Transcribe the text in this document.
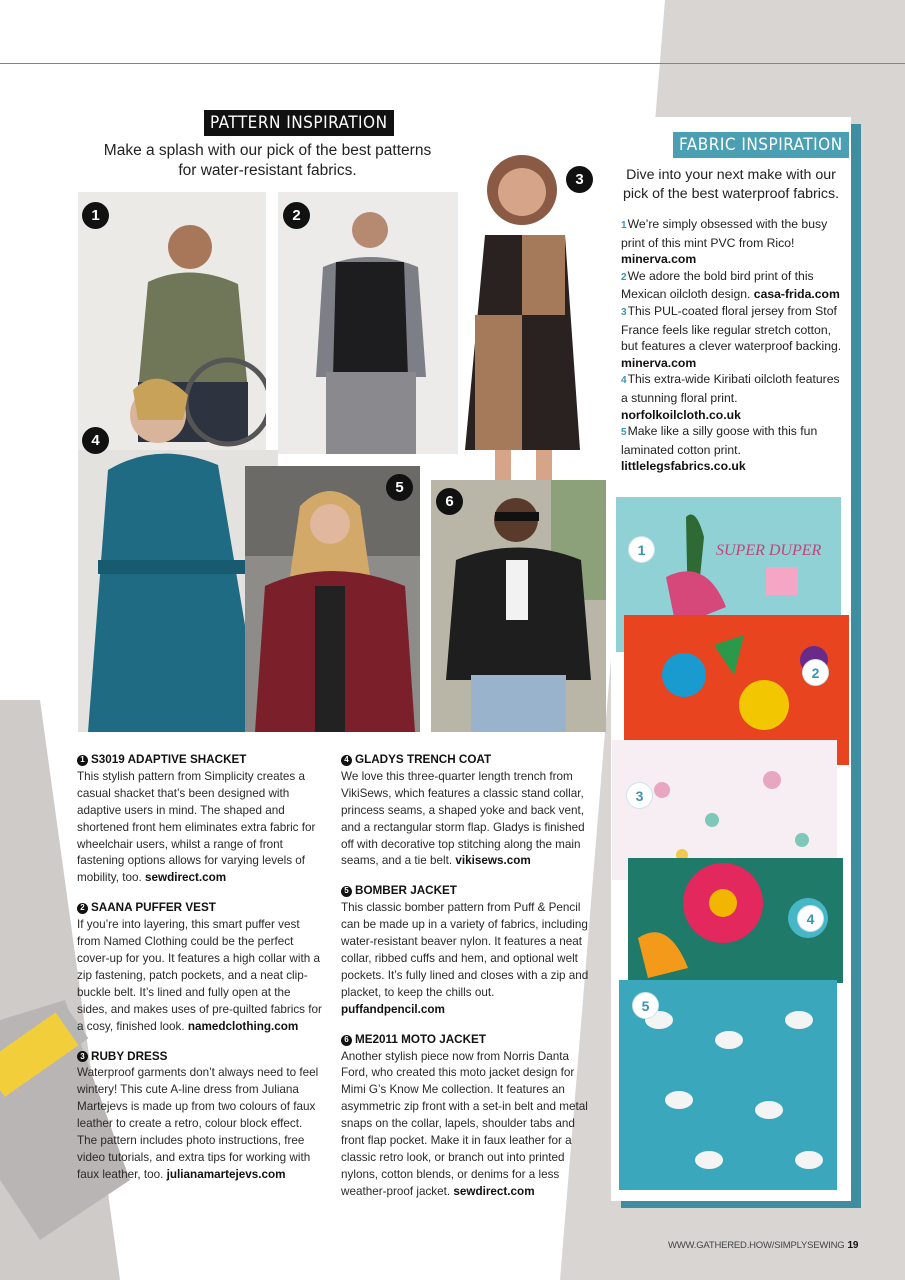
PATTERN INSPIRATION
Make a splash with our pick of the best patterns for water-resistant fabrics.
1	2
3
4
5
6
1 S3019 ADAPTIVE SHACKET

This stylish pattern from Simplicity creates a casual shacket that’s been designed with adaptive users in mind. The shaped and shortened front hem eliminates extra fabric for wheelchair users, whilst a range of front fastening options allows for varying levels of mobility, too. sewdirect.com

2 SAANA PUFFER VEST

If you’re into layering, this smart puffer vest from Named Clothing could be the perfect cover-up for you. It features a high collar with a zip fastening, patch pockets, and a neat clip-buckle belt. It’s lined and fully open at the sides, and makes uses of pre-quilted fabrics for a cosy, finished look. namedclothing.com

3 RUBY DRESS

Waterproof garments don’t always need to feel wintery! This cute A-line dress from Juliana Martejevs is made up from two colours of faux leather to create a retro, colour block effect. The pattern includes photo instructions, free video tutorials, and extra tips for working with faux leather, too. julianamartejevs.com

4 GLADYS TRENCH COAT

We love this three-quarter length trench from VikiSews, which features a classic stand collar, princess seams, a shaped yoke and back vent, and a rectangular storm flap. Gladys is finished off with decorative top stitching along the main seams, and a tie belt. vikisews.com

5 BOMBER JACKET

This classic bomber pattern from Puff & Pencil can be made up in a variety of fabrics, including water-resistant beaver nylon. It features a neat collar, ribbed cuffs and hem, and optional welt pockets. It’s fully lined and closes with a zip and placket, to keep the chills out. puffandpencil.com

6 ME2011 MOTO JACKET

Another stylish piece now from Norris Danta Ford, who created this moto jacket design for Mimi G’s Know Me collection. It features an asymmetric zip front with a set-in belt and metal snaps on the collar, lapels, shoulder tabs and front flap pocket. Make it in faux leather for a classic retro look, or branch out into printed nylons, cotton blends, or denims for a less weather-proof jacket. sewdirect.com

FABRIC INSPIRATION
Dive into your next make with our pick of the best waterproof fabrics.
1We’re simply obsessed with the busy print of this mint PVC from Rico! minerva.com
2We adore the bold bird print of this Mexican oilcloth design. casa-frida.com
3This PUL-coated floral jersey from Stof France feels like regular stretch cotton, but features a clever waterproof backing. minerva.com
4This extra-wide Kiribati oilcloth features a stunning floral print. norfolkoilcloth.co.uk
5Make like a silly goose with this fun laminated cotton print. littlelegsfabrics.co.uk
SUPER DUPER
1
2
3
4
5
WWW.GATHERED.HOW/SIMPLYSEWING 19
